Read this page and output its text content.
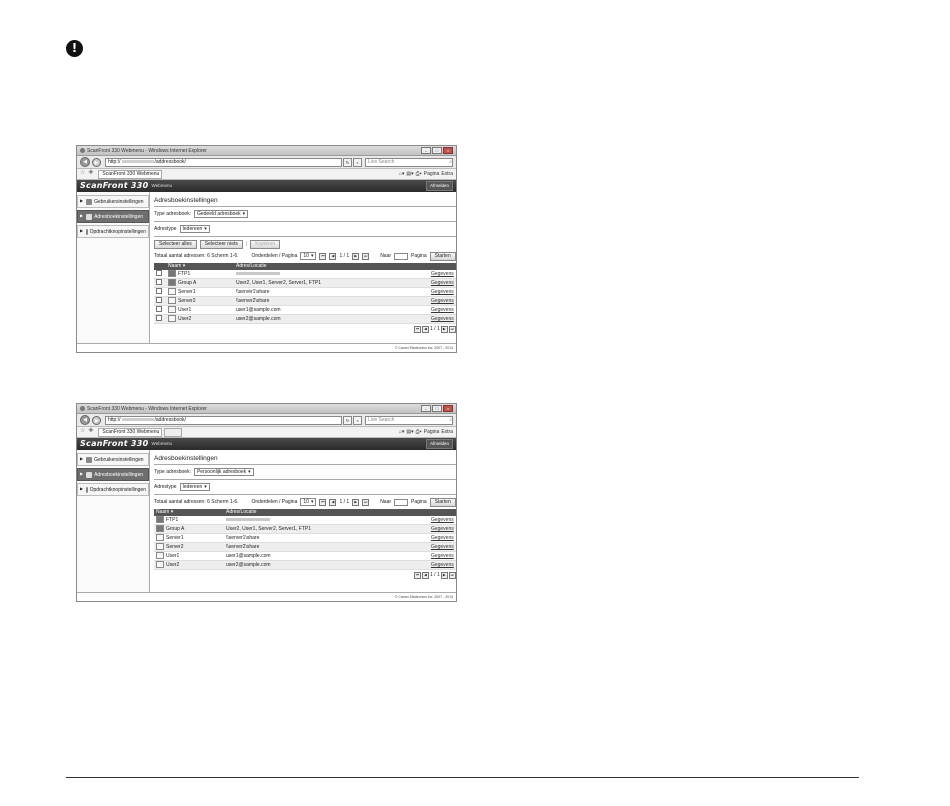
!
ScanFront 330 Webmenu - Windows Internet Explorer	–	□	×
◀	▶	http://	/addressbook/	↻	×	Live Search	⌕
☆ ✚	ScanFront 330 Webmenu	⌂▾ ▤▾ ⎙▾ Pagina Extra
ScanFront 330 Webmenu	Afmelden
▶ Gebruikersinstellingen
▶ Adresboekinstellingen
▶ Opdrachtknopinstellingen
Adresboekinstellingen
Type adresboek: Gedeeld adresboek ▾
Adrestype Iedereen ▾
Selecteer alles	Selecteer niets	|	Kopiëren
Totaal aantal adressen: 6 Scherm 1-6.	Onderdelen / Pagina 10 ▾	⏮	◀	1 / 1	▶	⏭	Naar	Pagina	Starten
	Naam ▾	Adres/Locatie	
	FTP1		Gegevens
	Group A	User2, User1, Server2, Server1, FTP1	Gegevens
	Server1	\\server1\share	Gegevens
	Server2	\\server2\share	Gegevens
	User1	user1@sample.com	Gegevens
	User2	user2@sample.com	Gegevens
⏮	◀ 1 / 1 ▶	⏭
© Canon Electronics Inc. 2007 - 2013
ScanFront 330 Webmenu - Windows Internet Explorer	–	□	×
◀	▶	http://	/addressbook/	↻	×	Live Search	⌕
☆ ✚	ScanFront 330 Webmenu	⌂▾ ▤▾ ⎙▾ Pagina Extra
ScanFront 330 Webmenu	Afmelden
▶ Gebruikersinstellingen
▶ Adresboekinstellingen
▶ Opdrachtknopinstellingen
Adresboekinstellingen
Type adresboek: Persoonlijk adresboek ▾
Adrestype Iedereen ▾
Totaal aantal adressen: 6 Scherm 1-6.	Onderdelen / Pagina 10 ▾	⏮	◀	1 / 1	▶	⏭	Naar	Pagina	Starten
Naam ▾	Adres/Locatie	
FTP1		Gegevens
Group A	User2, User1, Server2, Server1, FTP1	Gegevens
Server1	\\server1\share	Gegevens
Server2	\\server2\share	Gegevens
User1	user1@sample.com	Gegevens
User2	user2@sample.com	Gegevens
⏮	◀ 1 / 1 ▶	⏭
© Canon Electronics Inc. 2007 - 2013
